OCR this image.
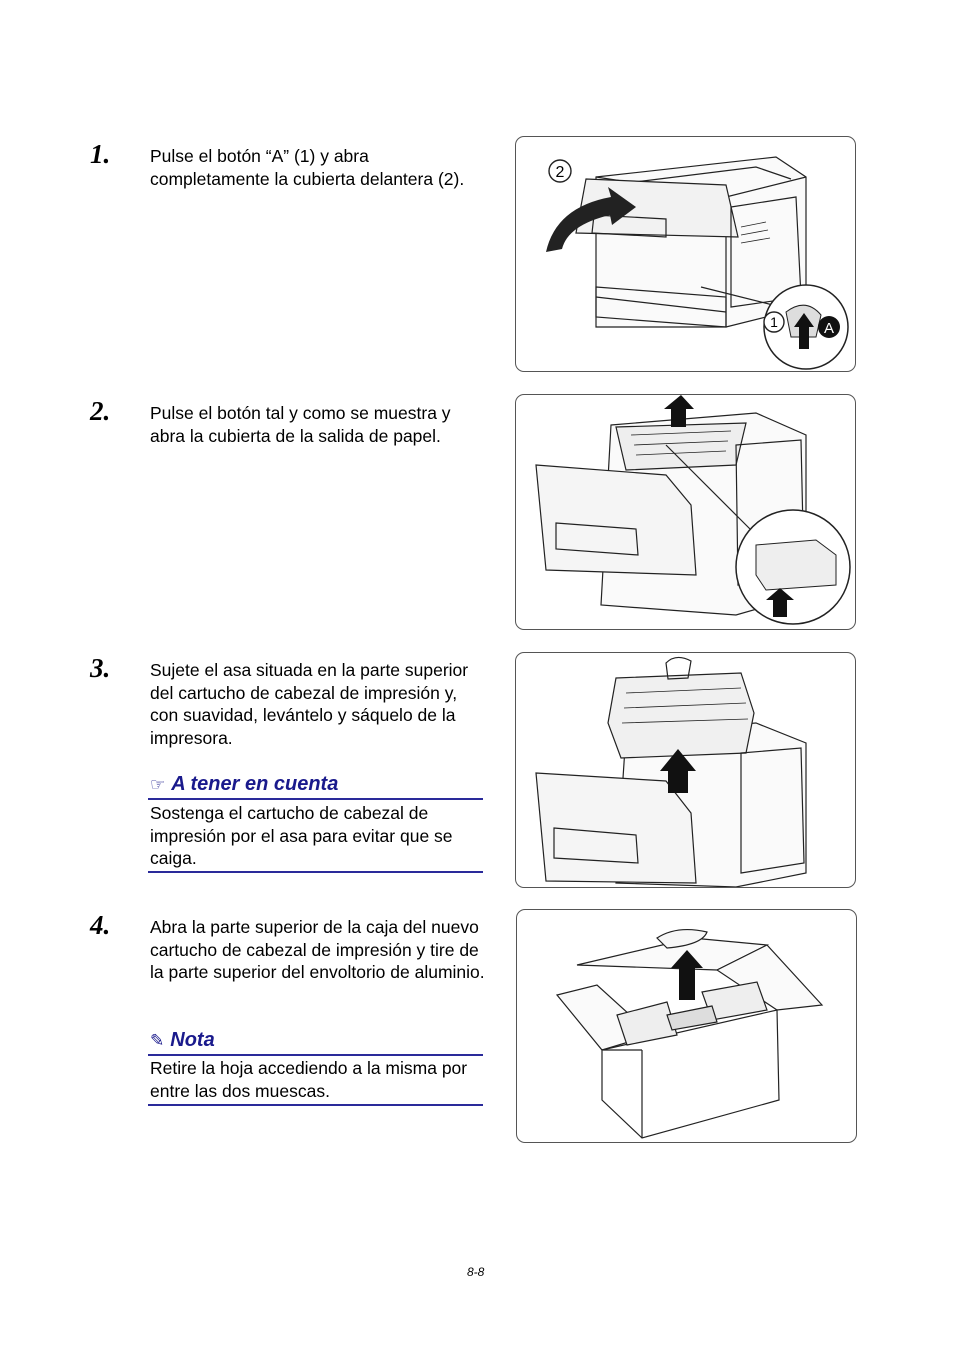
1. Pulse el botón “A” (1) y abra completamente la cubierta delantera (2).	2
1	A
2. Pulse el botón tal y como se muestra y abra la cubierta de la salida de papel.
3. Sujete el asa situada en la parte superior del cartucho de cabezal de impresión y, con suavidad, levántelo y sáquelo de la impresora.
☞ A tener en cuenta
Sostenga el cartucho de cabezal de impresión por el asa para evitar que se caiga.
4. Abra la parte superior de la caja del nuevo cartucho de cabezal de impresión y tire de la parte superior del envoltorio de aluminio.
✎ Nota
Retire la hoja accediendo a la misma por entre las dos muescas.
8-8
